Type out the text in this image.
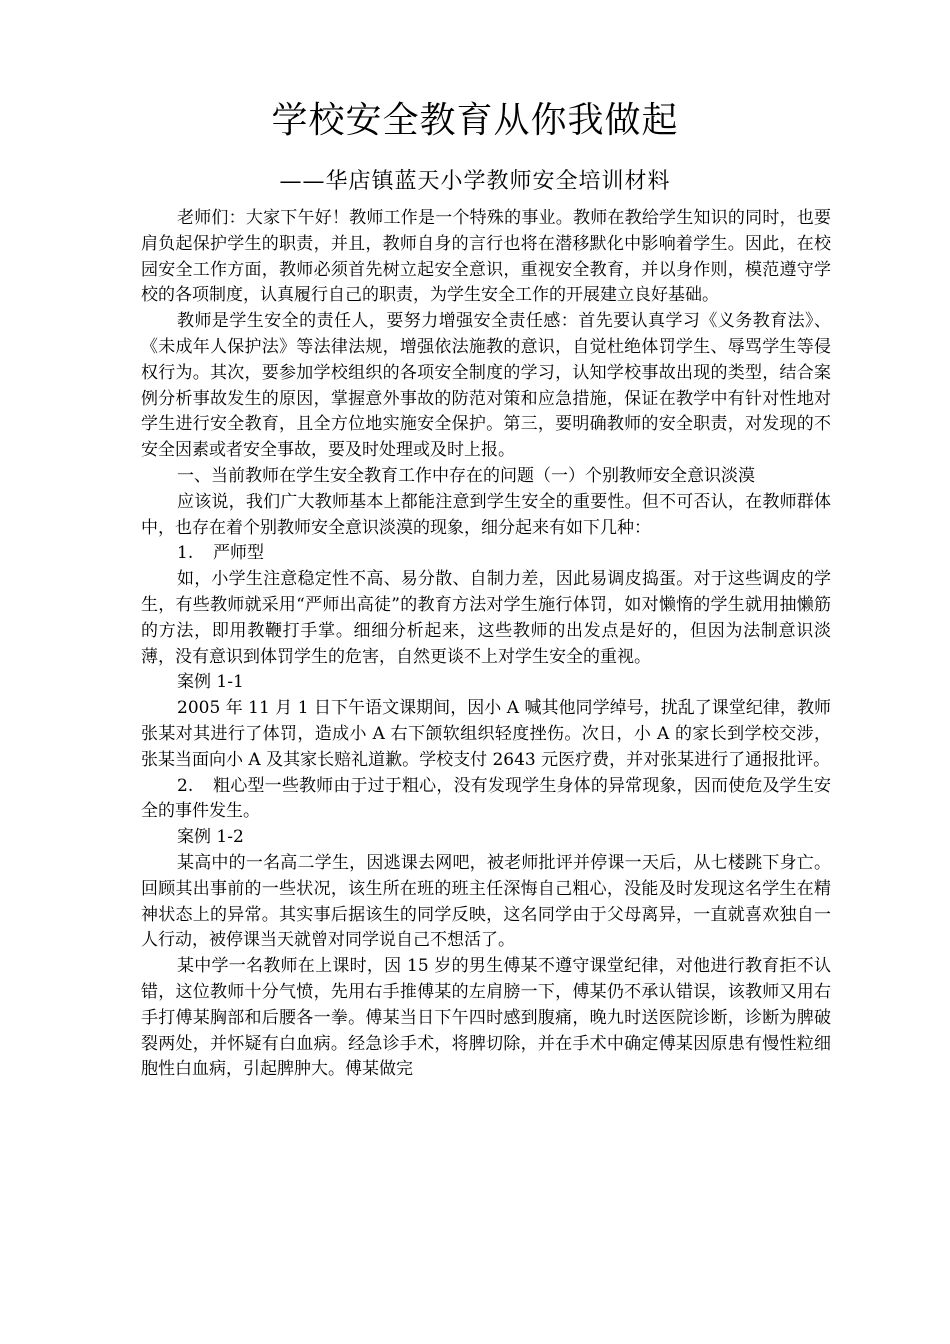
学校安全教育从你我做起
——华店镇蓝天小学教师安全培训材料

老师们：大家下午好！教师工作是一个特殊的事业。教师在教给学生知识的同时，也要肩负起保护学生的职责，并且，教师自身的言行也将在潜移默化中影响着学生。因此，在校园安全工作方面，教师必须首先树立起安全意识，重视安全教育，并以身作则，模范遵守学校的各项制度，认真履行自己的职责，为学生安全工作的开展建立良好基础。

教师是学生安全的责任人，要努力增强安全责任感：首先要认真学习《义务教育法》、《未成年人保护法》等法律法规，增强依法施教的意识，自觉杜绝体罚学生、辱骂学生等侵权行为。其次，要参加学校组织的各项安全制度的学习，认知学校事故出现的类型，结合案例分析事故发生的原因，掌握意外事故的防范对策和应急措施，保证在教学中有针对性地对学生进行安全教育，且全方位地实施安全保护。第三，要明确教师的安全职责，对发现的不安全因素或者安全事故，要及时处理或及时上报。

一、当前教师在学生安全教育工作中存在的问题（一）个别教师安全意识淡漠

应该说，我们广大教师基本上都能注意到学生安全的重要性。但不可否认，在教师群体中，也存在着个别教师安全意识淡漠的现象，细分起来有如下几种：

1. 严师型

如，小学生注意稳定性不高、易分散、自制力差，因此易调皮捣蛋。对于这些调皮的学生，有些教师就采用“严师出高徒”的教育方法对学生施行体罚，如对懒惰的学生就用抽懒筋的方法，即用教鞭打手掌。细细分析起来，这些教师的出发点是好的，但因为法制意识淡薄，没有意识到体罚学生的危害，自然更谈不上对学生安全的重视。

案例 1-1

2005 年 11 月 1 日下午语文课期间，因小 A 喊其他同学绰号，扰乱了课堂纪律，教师张某对其进行了体罚，造成小 A 右下颌软组织轻度挫伤。次日，小 A 的家长到学校交涉，张某当面向小 A 及其家长赔礼道歉。学校支付 2643 元医疗费，并对张某进行了通报批评。

2. 粗心型一些教师由于过于粗心，没有发现学生身体的异常现象，因而使危及学生安全的事件发生。

案例 1-2

某高中的一名高二学生，因逃课去网吧，被老师批评并停课一天后，从七楼跳下身亡。回顾其出事前的一些状况，该生所在班的班主任深悔自己粗心，没能及时发现这名学生在精神状态上的异常。其实事后据该生的同学反映，这名同学由于父母离异，一直就喜欢独自一人行动，被停课当天就曾对同学说自己不想活了。

某中学一名教师在上课时，因 15 岁的男生傅某不遵守课堂纪律，对他进行教育拒不认错，这位教师十分气愤，先用右手推傅某的左肩膀一下，傅某仍不承认错误，该教师又用右手打傅某胸部和后腰各一拳。傅某当日下午四时感到腹痛，晚九时送医院诊断，诊断为脾破裂两处，并怀疑有白血病。经急诊手术，将脾切除，并在手术中确定傅某因原患有慢性粒细胞性白血病，引起脾肿大。傅某做完
